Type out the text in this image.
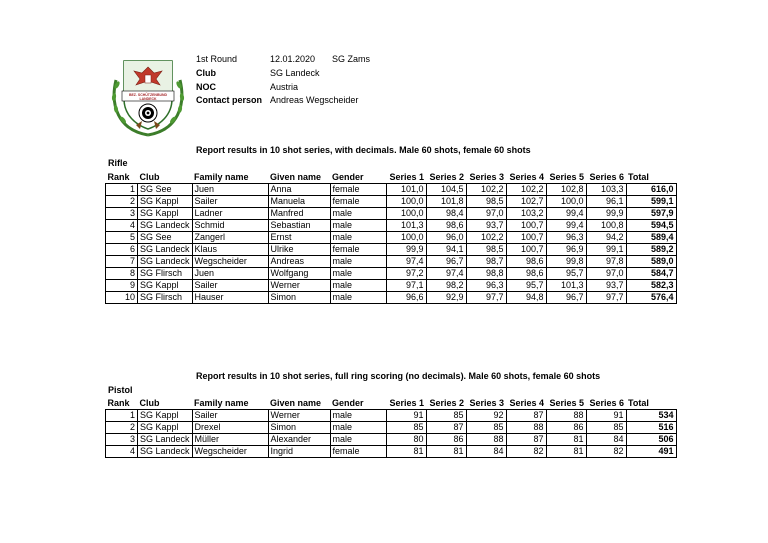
BEZ. SCHÜTZENBUND LANDECK
1st Round	12.01.2020 SG Zams
Club	SG Landeck
NOC	Austria
Contact person Andreas Wegscheider
Report results in 10 shot series, with decimals. Male 60 shots, female 60 shots
Rifle
Rank	Club	Family name	Given name	Gender	Series 1	Series 2	Series 3	Series 4	Series 5	Series 6	Total
1	SG See	Juen	Anna	female	101,0	104,5	102,2	102,2	102,8	103,3	616,0
2	SG Kappl	Sailer	Manuela	female	100,0	101,8	98,5	102,7	100,0	96,1	599,1
3	SG Kappl	Ladner	Manfred	male	100,0	98,4	97,0	103,2	99,4	99,9	597,9
4	SG Landeck	Schmid	Sebastian	male	101,3	98,6	93,7	100,7	99,4	100,8	594,5
5	SG See	Zangerl	Ernst	male	100,0	96,0	102,2	100,7	96,3	94,2	589,4
6	SG Landeck	Klaus	Ulrike	female	99,9	94,1	98,5	100,7	96,9	99,1	589,2
7	SG Landeck	Wegscheider	Andreas	male	97,4	96,7	98,7	98,6	99,8	97,8	589,0
8	SG Flirsch	Juen	Wolfgang	male	97,2	97,4	98,8	98,6	95,7	97,0	584,7
9	SG Kappl	Sailer	Werner	male	97,1	98,2	96,3	95,7	101,3	93,7	582,3
10	SG Flirsch	Hauser	Simon	male	96,6	92,9	97,7	94,8	96,7	97,7	576,4
Report results in 10 shot series, full ring scoring (no decimals). Male 60 shots, female 60 shots
Pistol
Rank	Club	Family name	Given name	Gender	Series 1	Series 2	Series 3	Series 4	Series 5	Series 6	Total
1	SG Kappl	Sailer	Werner	male	91	85	92	87	88	91	534
2	SG Kappl	Drexel	Simon	male	85	87	85	88	86	85	516
3	SG Landeck	Müller	Alexander	male	80	86	88	87	81	84	506
4	SG Landeck	Wegscheider	Ingrid	female	81	81	84	82	81	82	491
